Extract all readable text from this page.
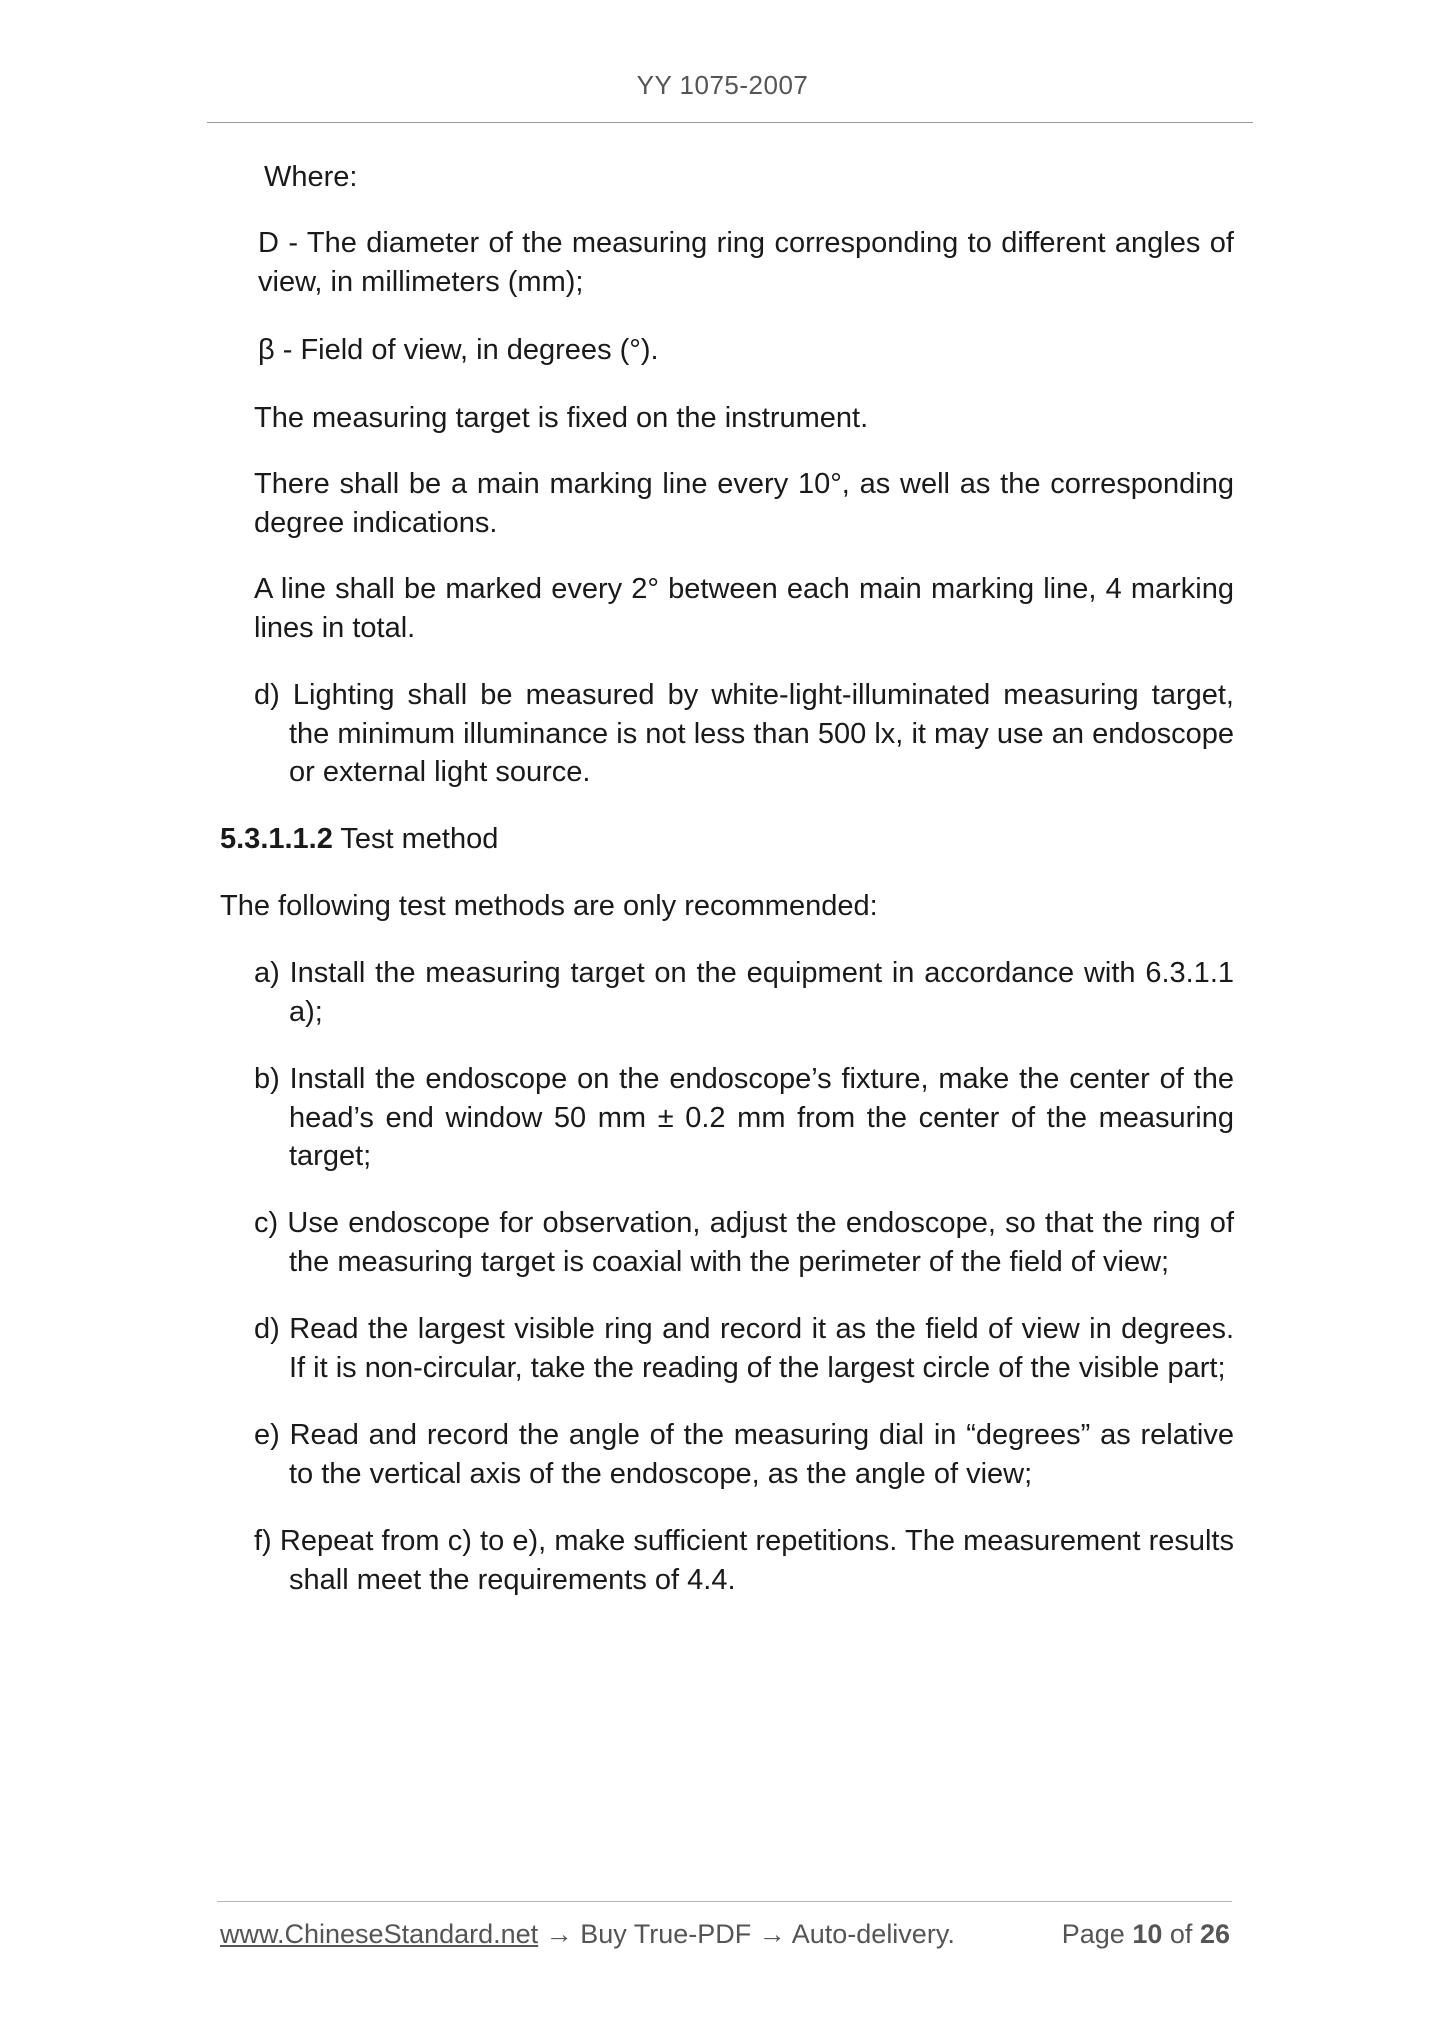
YY 1075-2007

Where:

D - The diameter of the measuring ring corresponding to different angles of view, in millimeters (mm);

β - Field of view, in degrees (°).

The measuring target is fixed on the instrument.

There shall be a main marking line every 10°, as well as the corresponding degree indications.

A line shall be marked every 2° between each main marking line, 4 marking lines in total.

d) Lighting shall be measured by white-light-illuminated measuring target, the minimum illuminance is not less than 500 lx, it may use an endoscope or external light source.

5.3.1.1.2 Test method

The following test methods are only recommended:

a) Install the measuring target on the equipment in accordance with 6.3.1.1 a);

b) Install the endoscope on the endoscope’s fixture, make the center of the head’s end window 50 mm ± 0.2 mm from the center of the measuring target;

c) Use endoscope for observation, adjust the endoscope, so that the ring of the measuring target is coaxial with the perimeter of the field of view;

d) Read the largest visible ring and record it as the field of view in degrees. If it is non-circular, take the reading of the largest circle of the visible part;

e) Read and record the angle of the measuring dial in “degrees” as relative to the vertical axis of the endoscope, as the angle of view;

f) Repeat from c) to e), make sufficient repetitions. The measurement results shall meet the requirements of 4.4.

www.ChineseStandard.net → Buy True-PDF → Auto-delivery.	Page 10 of 26
